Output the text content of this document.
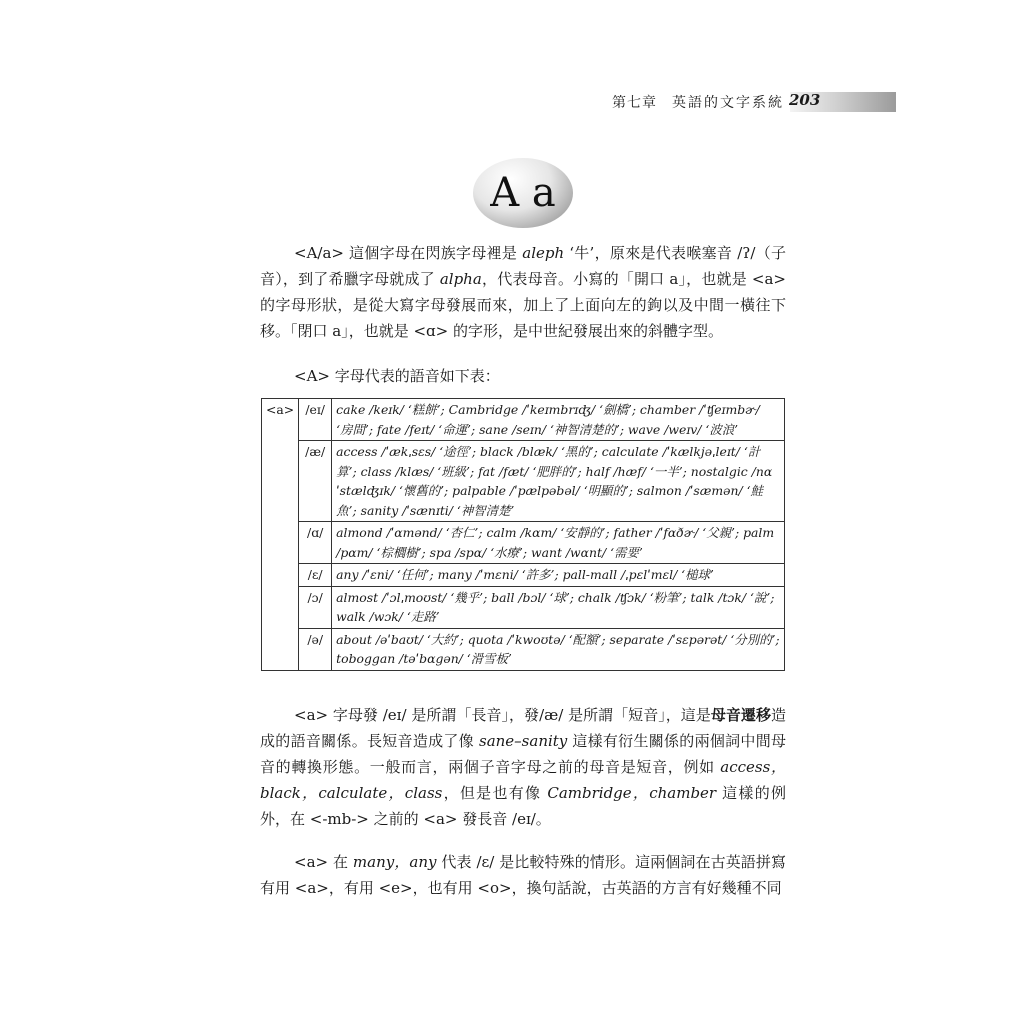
第七章 英語的文字系統 203
A a

<A/a> 這個字母在閃族字母裡是 aleph ‘牛’，原來是代表喉塞音 /ʔ/（子音），到了希臘字母就成了 alpha，代表母音。小寫的「開口 a」，也就是 <a> 的字母形狀，是從大寫字母發展而來，加上了上面向左的鉤以及中間一橫往下移。「閉口 a」，也就是 <ɑ> 的字形，是中世紀發展出來的斜體字型。

<A> 字母代表的語音如下表：

<a>	/eɪ/	cake /keɪk/ ‘糕餅’; Cambridge /ˈkeɪmbrɪʤ/ ‘劍橋’; chamber /ˈʧeɪmbɚ/ ‘房間’; fate /feɪt/ ‘命運’; sane /seɪn/ ‘神智清楚的’; wave /weɪv/ ‘波浪’
	/æ/	access /ˈækˌsɛs/ ‘途徑’; black /blæk/ ‘黑的’; calculate /ˈkælkjəˌleɪt/ ‘計算’; class /klæs/ ‘班級’; fat /fæt/ ‘肥胖的’; half /hæf/ ‘一半’; nostalgic /nɑˈstælʤɪk/ ‘懷舊的’; palpable /ˈpælpəbəl/ ‘明顯的’; salmon /ˈsæmən/ ‘鮭魚’; sanity /ˈsænɪti/ ‘神智清楚’
	/ɑ/	almond /ˈɑmənd/ ‘杏仁’; calm /kɑm/ ‘安靜的’; father /ˈfɑðɚ/ ‘父親’; palm /pɑm/ ‘棕櫚樹’; spa /spɑ/ ‘水療’; want /wɑnt/ ‘需要’
	/ɛ/	any /ˈɛni/ ‘任何’; many /ˈmɛni/ ‘許多’; pall-mall /ˌpɛlˈmɛl/ ‘槌球’
	/ɔ/	almost /ˈɔlˌmoʊst/ ‘幾乎’; ball /bɔl/ ‘球’; chalk /ʧɔk/ ‘粉筆’; talk /tɔk/ ‘說’; walk /wɔk/ ‘走路’
	/ə/	about /əˈbaʊt/ ‘大約’; quota /ˈkwoʊtə/ ‘配額’; separate /ˈsɛpərət/ ‘分別的’; toboggan /təˈbɑgən/ ‘滑雪板’

<a> 字母發 /eɪ/ 是所謂「長音」，發/æ/ 是所謂「短音」，這是母音遷移造成的語音關係。長短音造成了像 sane–sanity 這樣有衍生關係的兩個詞中間母音的轉換形態。一般而言，兩個子音字母之前的母音是短音，例如 access，black，calculate，class，但是也有像 Cambridge，chamber 這樣的例外，在 <-mb-> 之前的 <a> 發長音 /eɪ/。

<a> 在 many，any 代表 /ɛ/ 是比較特殊的情形。這兩個詞在古英語拼寫有用 <a>，有用 <e>，也有用 <o>，換句話說，古英語的方言有好幾種不同
